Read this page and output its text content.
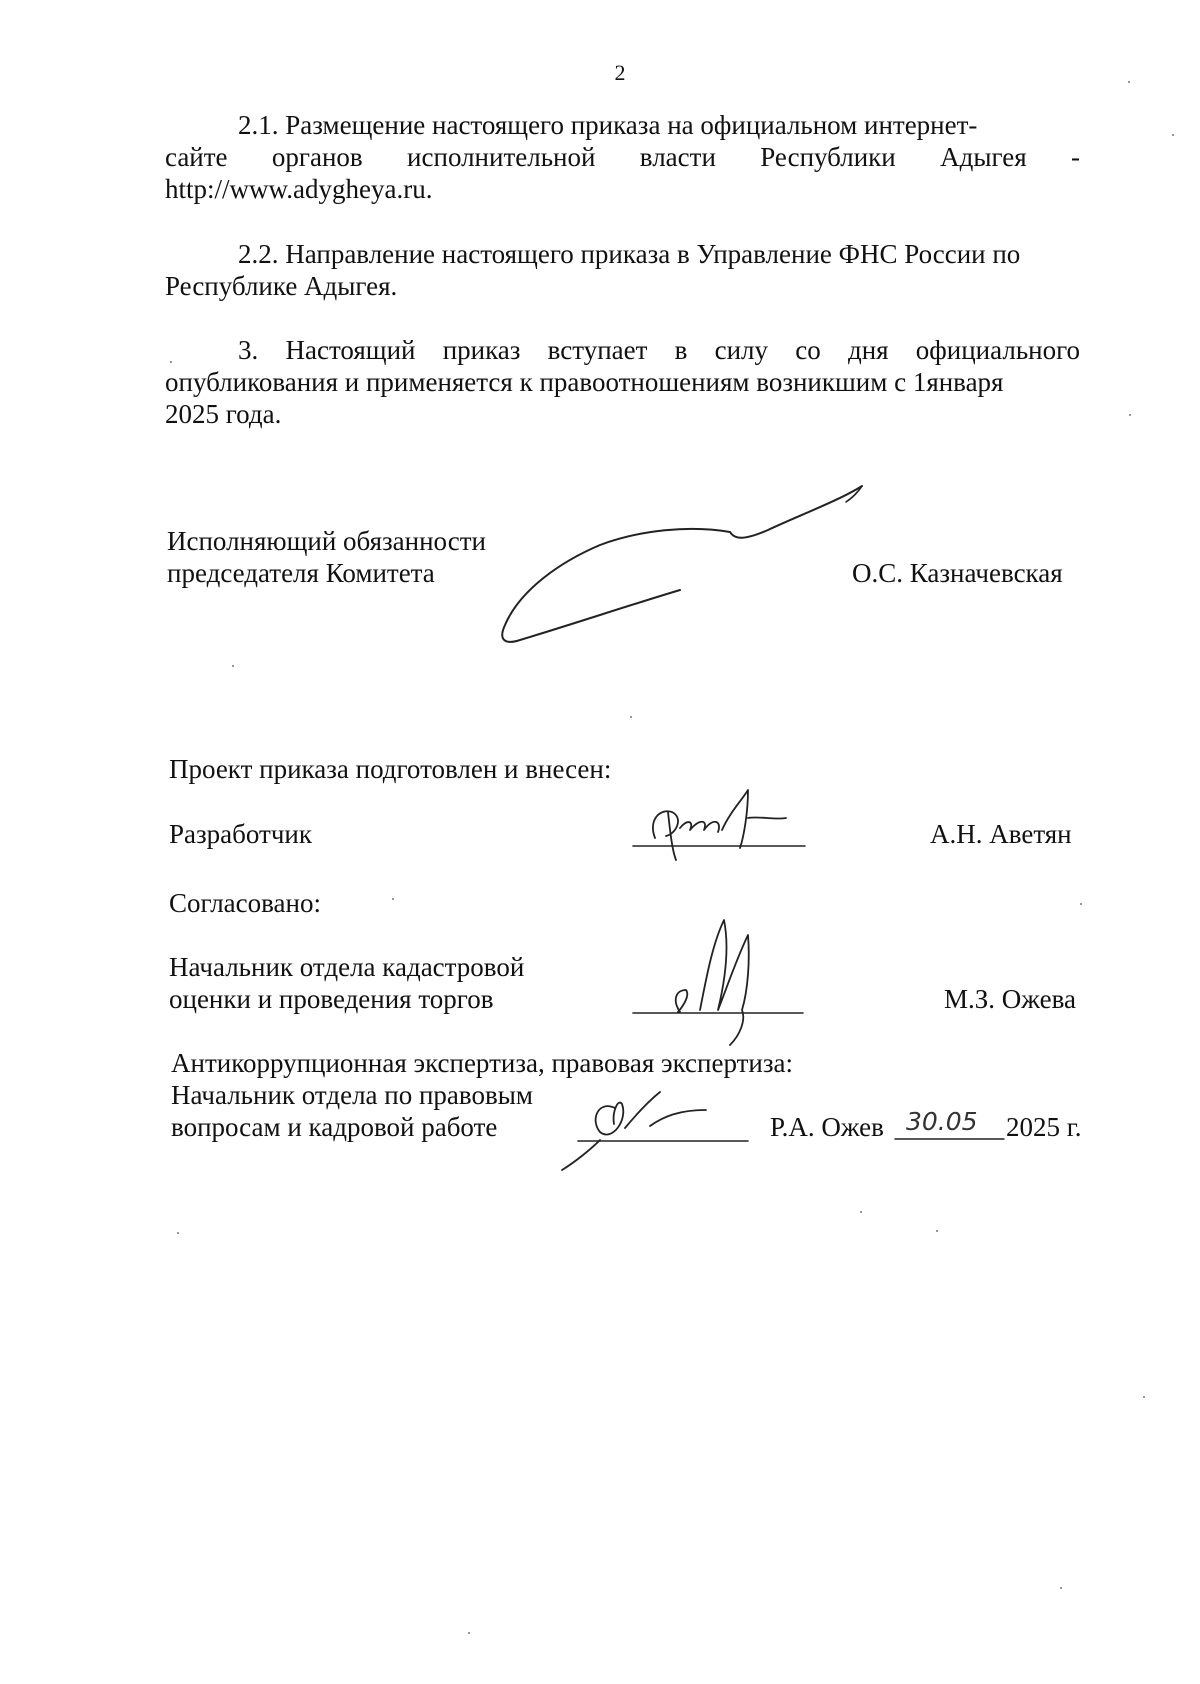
2
2.1. Размещение настоящего приказа на официальном интернет-
сайте органов исполнительной власти Республики Адыгея -
http://www.adygheya.ru.
2.2. Направление настоящего приказа в Управление ФНС России по
Республике Адыгея.
3. Настоящий приказ вступает в силу со дня официального
опубликования и применяется к правоотношениям возникшим с 1января
2025 года.
Исполняющий обязанности
председателя Комитета	О.С. Казначевская
Проект приказа подготовлен и внесен:
Разработчик	А.Н. Аветян
Согласовано:
Начальник отдела кадастровой
оценки и проведения торгов	М.З. Ожева
Антикоррупционная экспертиза, правовая экспертиза:
Начальник отдела по правовым
вопросам и кадровой работе	Р.А. Ожев 30.05 2025 г.
